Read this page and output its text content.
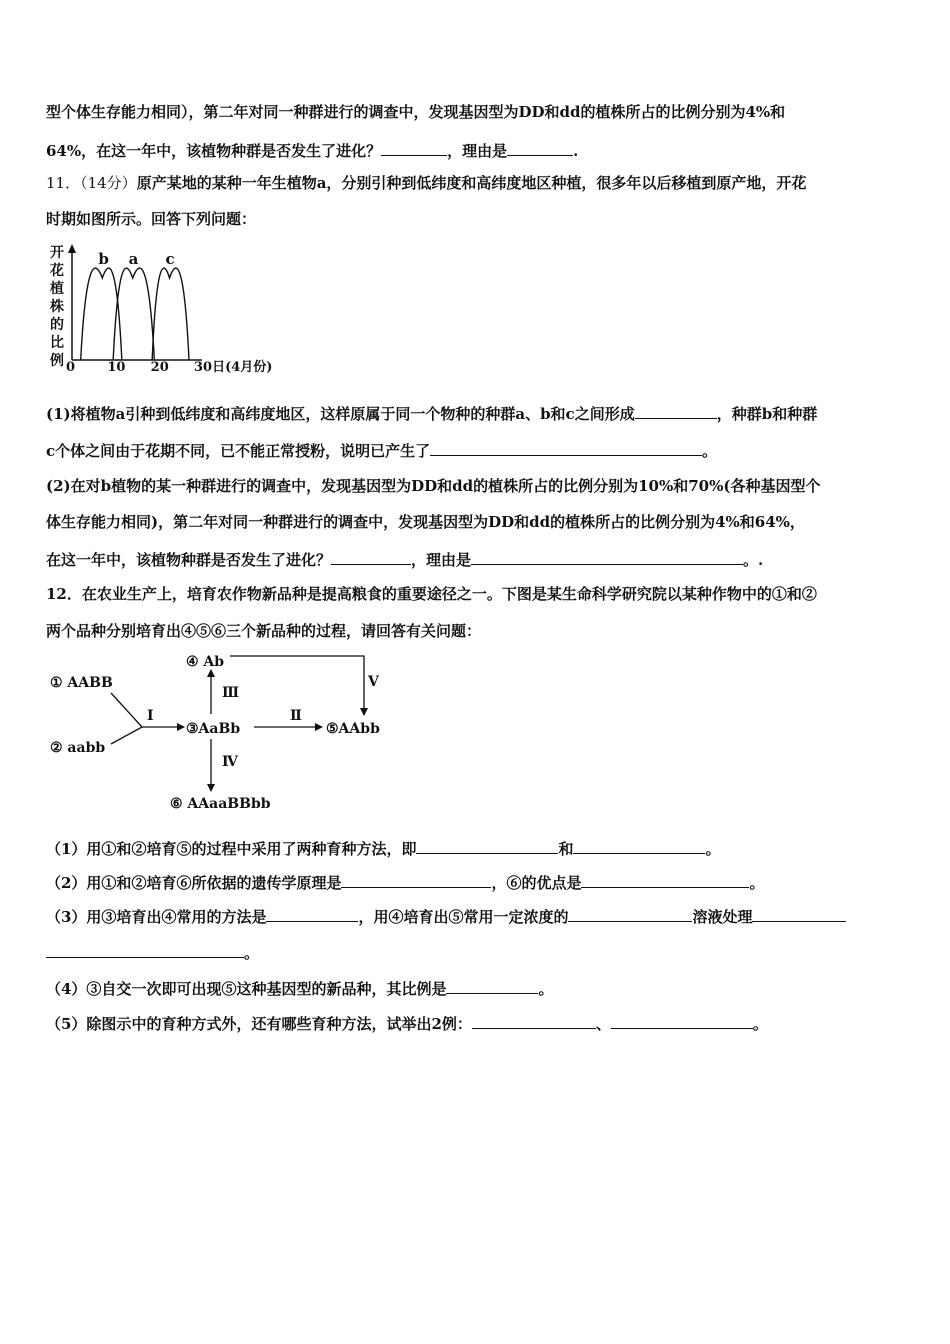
型个体生存能力相同），第二年对同一种群进行的调查中，发现基因型为DD和dd的植株所占的比例分别为4%和
64%，在这一年中，该植物种群是否发生了进化？	，理由是	.
11．（14分）原产某地的某种一年生植物a，分别引种到低纬度和高纬度地区种植，很多年以后移植到原产地，开花
时期如图所示。回答下列问题：
开
花
植
株
的
比
例
b a c
0 10 20 30日(4月份)
(1)将植物a引种到低纬度和高纬度地区，这样原属于同一个物种的种群a、b和c之间形成	，种群b和种群
c个体之间由于花期不同，已不能正常授粉，说明已产生了	。
(2)在对b植物的某一种群进行的调查中，发现基因型为DD和dd的植株所占的比例分别为10%和70%(各种基因型个
体生存能力相同)，第二年对同一种群进行的调查中，发现基因型为DD和dd的植株所占的比例分别为4%和64%，
在这一年中，该植物种群是否发生了进化？	，理由是	。.
12．在农业生产上，培育农作物新品种是提高粮食的重要途径之一。下图是某生命科学研究院以某种作物中的①和②
两个品种分别培育出④⑤⑥三个新品种的过程，请回答有关问题：
① AABB
② aabb
③AaBb
④ Ab
⑤AAbb
⑥ AAaaBBbb
Ⅰ	Ⅱ
Ⅲ
Ⅳ
Ⅴ
（1）用①和②培育⑤的过程中采用了两种育种方法，即	和	。
（2）用①和②培育⑥所依据的遗传学原理是	，⑥的优点是	。
（3）用③培育出④常用的方法是	，用④培育出⑤常用一定浓度的	溶液处理
。
（4）③自交一次即可出现⑤这种基因型的新品种，其比例是	。
（5）除图示中的育种方式外，还有哪些育种方法，试举出2例：	、	。
